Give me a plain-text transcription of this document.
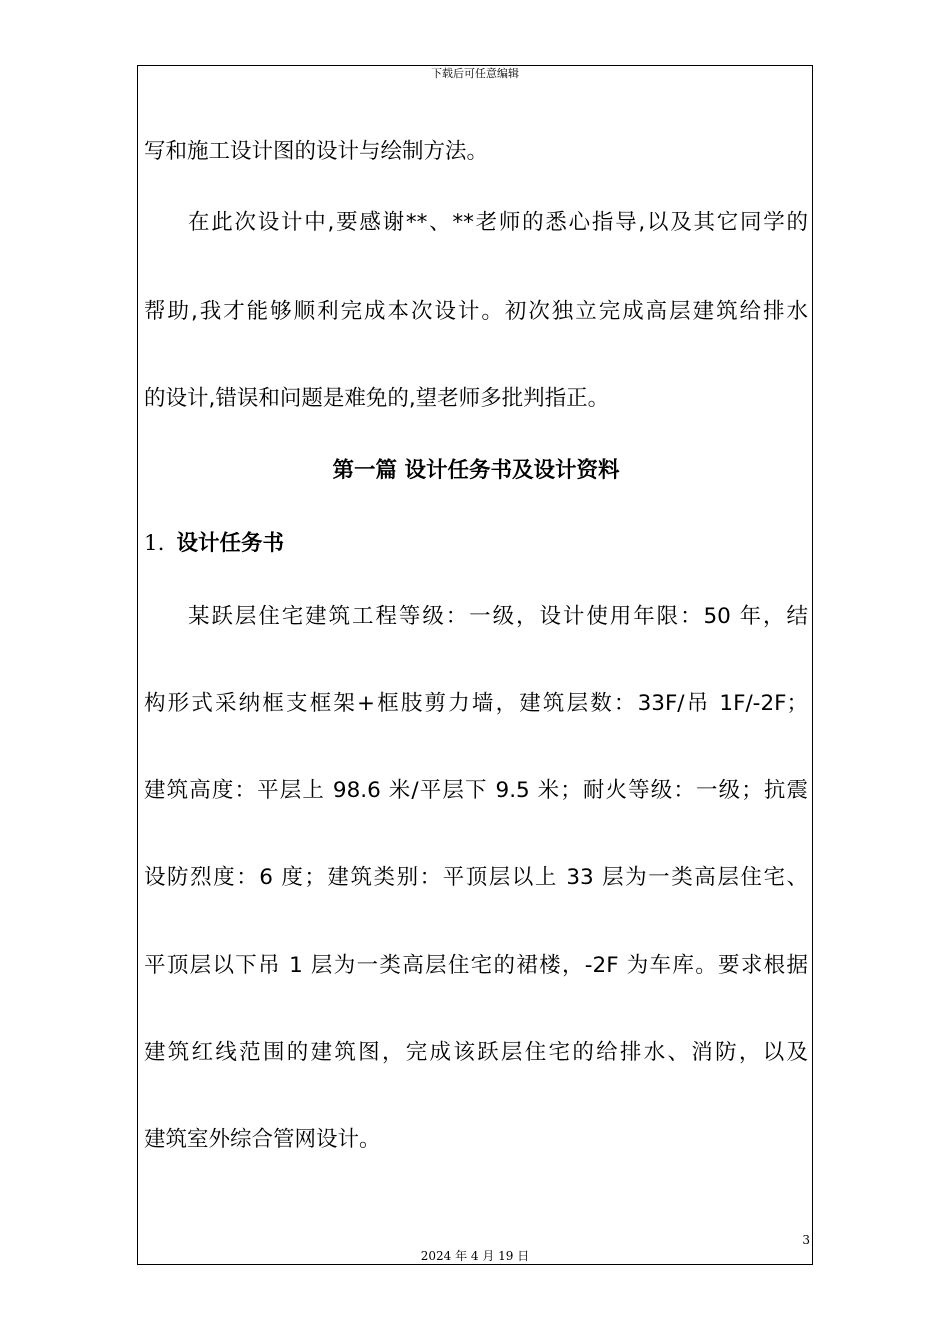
下载后可任意编辑
写和施工设计图的设计与绘制方法。
在此次设计中,要感谢**、**老师的悉心指导,以及其它同学的
帮助,我才能够顺利完成本次设计。初次独立完成高层建筑给排水
的设计,错误和问题是难免的,望老师多批判指正。
第一篇 设计任务书及设计资料
1. 设计任务书
某跃层住宅建筑工程等级：一级，设计使用年限：50 年，结
构形式采纳框支框架+框肢剪力墙，建筑层数：33F/吊 1F/-2F；
建筑高度：平层上 98.6 米/平层下 9.5 米；耐火等级：一级；抗震
设防烈度：6 度；建筑类别：平顶层以上 33 层为一类高层住宅、
平顶层以下吊 1 层为一类高层住宅的裙楼，-2F 为车库。要求根据
建筑红线范围的建筑图，完成该跃层住宅的给排水、消防，以及
建筑室外综合管网设计。
3
2024 年 4 月 19 日
